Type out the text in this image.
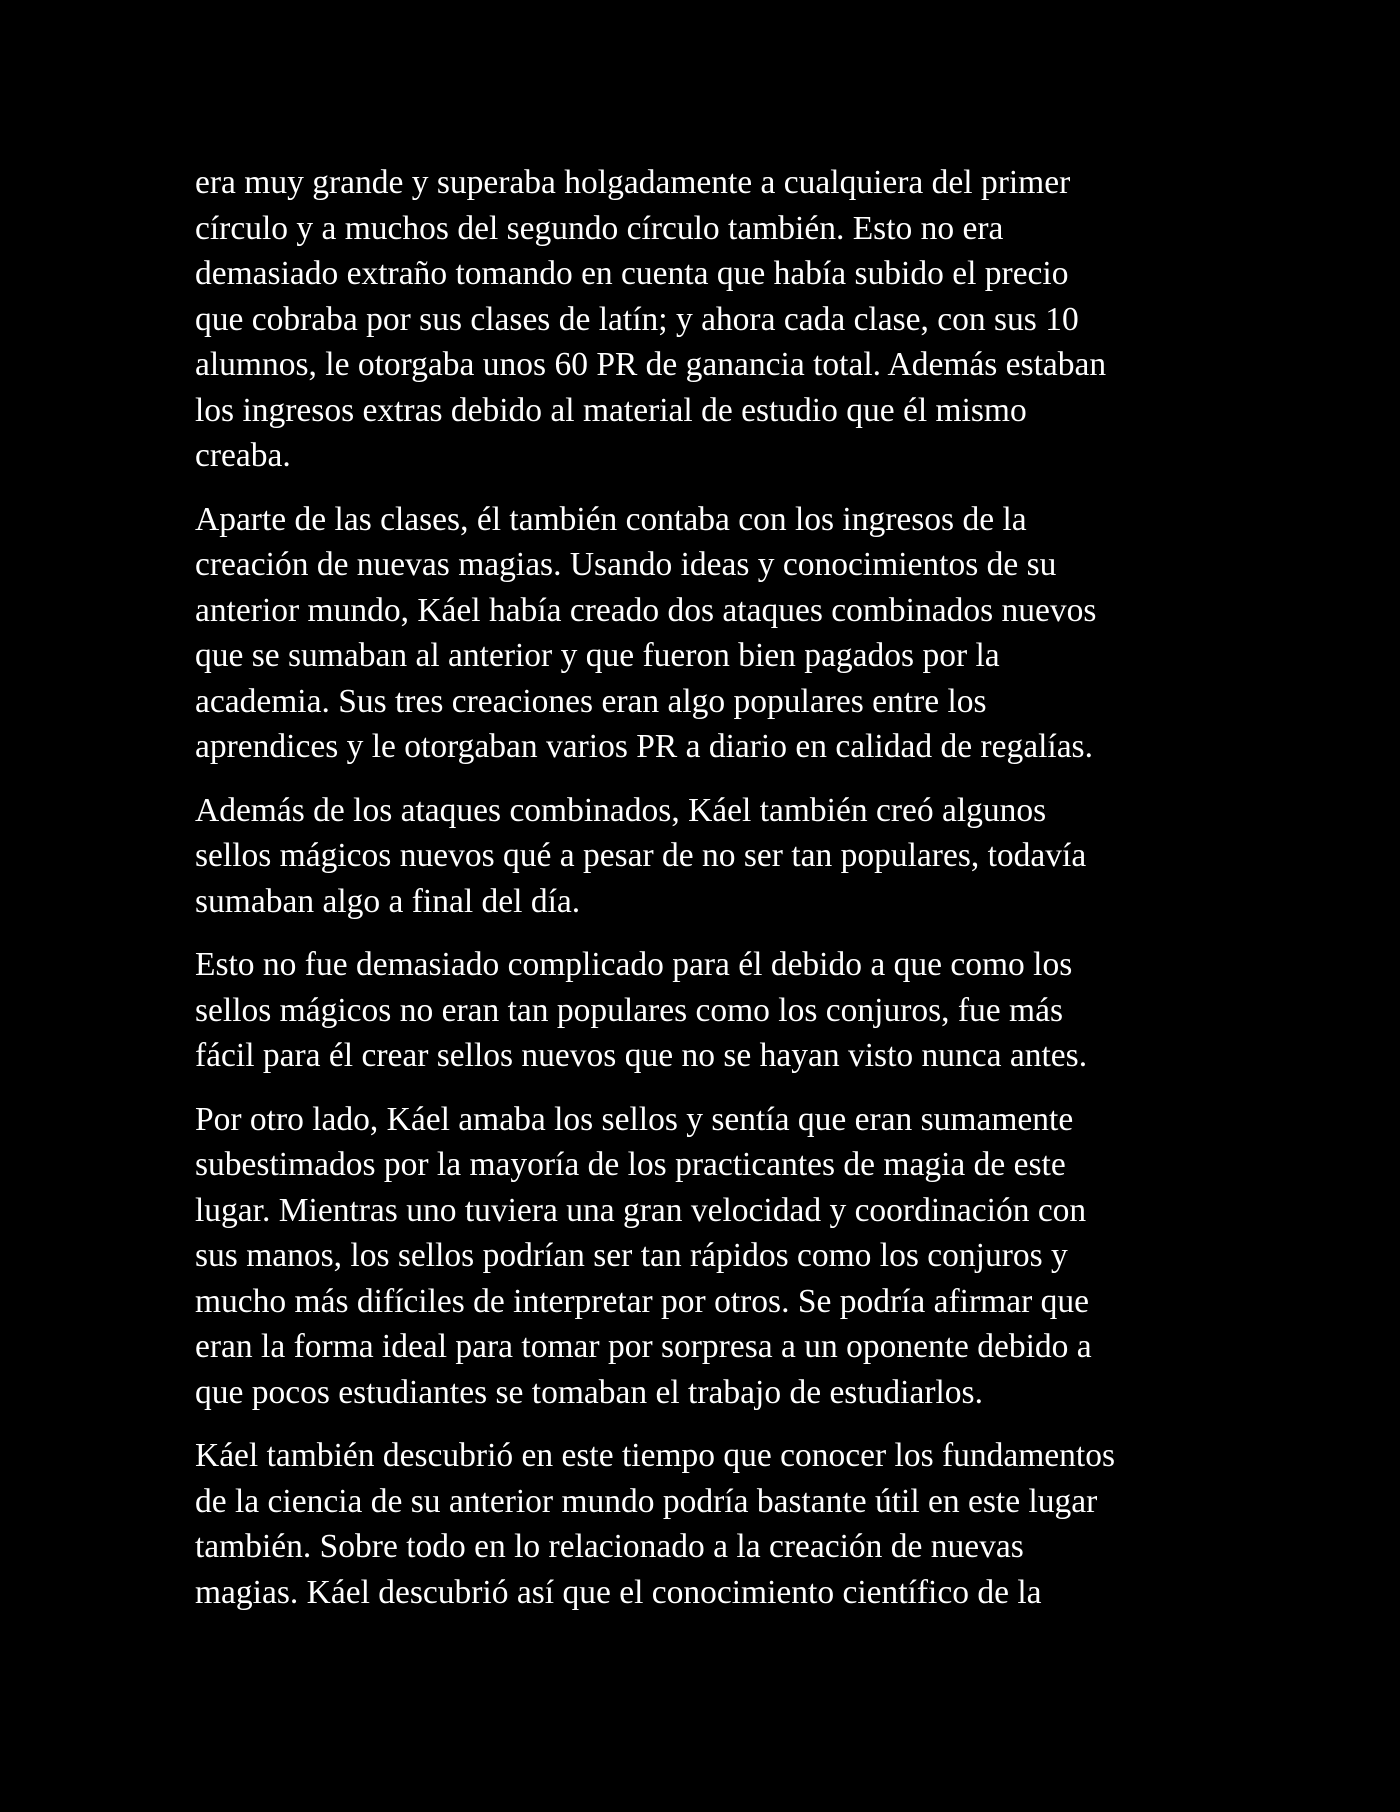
era muy grande y superaba holgadamente a cualquiera del primer
círculo y a muchos del segundo círculo también. Esto no era
demasiado extraño tomando en cuenta que había subido el precio
que cobraba por sus clases de latín; y ahora cada clase, con sus 10
alumnos, le otorgaba unos 60 PR de ganancia total. Además estaban
los ingresos extras debido al material de estudio que él mismo
creaba.

Aparte de las clases, él también contaba con los ingresos de la
creación de nuevas magias. Usando ideas y conocimientos de su
anterior mundo, Káel había creado dos ataques combinados nuevos
que se sumaban al anterior y que fueron bien pagados por la
academia. Sus tres creaciones eran algo populares entre los
aprendices y le otorgaban varios PR a diario en calidad de regalías.

Además de los ataques combinados, Káel también creó algunos
sellos mágicos nuevos qué a pesar de no ser tan populares, todavía
sumaban algo a final del día.

Esto no fue demasiado complicado para él debido a que como los
sellos mágicos no eran tan populares como los conjuros, fue más
fácil para él crear sellos nuevos que no se hayan visto nunca antes.

Por otro lado, Káel amaba los sellos y sentía que eran sumamente
subestimados por la mayoría de los practicantes de magia de este
lugar. Mientras uno tuviera una gran velocidad y coordinación con
sus manos, los sellos podrían ser tan rápidos como los conjuros y
mucho más difíciles de interpretar por otros. Se podría afirmar que
eran la forma ideal para tomar por sorpresa a un oponente debido a
que pocos estudiantes se tomaban el trabajo de estudiarlos.

Káel también descubrió en este tiempo que conocer los fundamentos
de la ciencia de su anterior mundo podría bastante útil en este lugar
también. Sobre todo en lo relacionado a la creación de nuevas
magias. Káel descubrió así que el conocimiento científico de la
